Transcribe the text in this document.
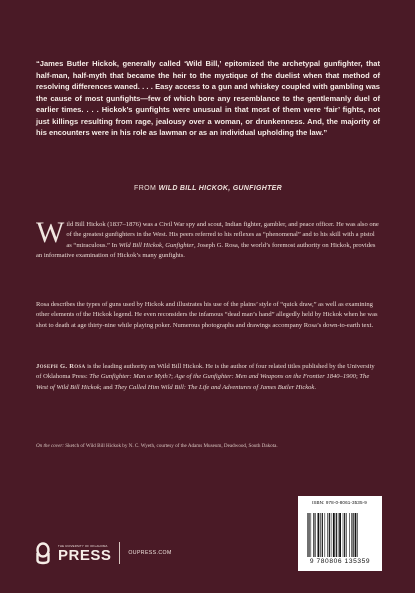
“James Butler Hickok, generally called ‘Wild Bill,’ epitomized the archetypal gunfighter, that half-man, half-myth that became the heir to the mystique of the duelist when that method of resolving differences waned. . . . Easy access to a gun and whiskey coupled with gambling was the cause of most gunfights—few of which bore any resemblance to the gentlemanly duel of earlier times. . . . Hickok’s gunfights were unusual in that most of them were ‘fair’ fights, not just killings resulting from rage, jealousy over a woman, or drunkenness. And, the majority of his encounters were in his role as lawman or as an individual upholding the law.”

FROM WILD BILL HICKOK, GUNFIGHTER

Wild Bill Hickok (1837–1876) was a Civil War spy and scout, Indian fighter, gambler, and peace officer. He was also one of the greatest gunfighters in the West. His peers referred to his reflexes as “phenomenal” and to his skill with a pistol as “miraculous.” In Wild Bill Hickok, Gunfighter, Joseph G. Rosa, the world’s foremost authority on Hickok, provides an informative examination of Hickok’s many gunfights.

Rosa describes the types of guns used by Hickok and illustrates his use of the plains’ style of “quick draw,” as well as examining other elements of the Hickok legend. He even reconsiders the infamous “dead man’s hand” allegedly held by Hickok when he was shot to death at age thirty-nine while playing poker. Numerous photographs and drawings accompany Rosa’s down-to-earth text.

Joseph G. Rosa is the leading authority on Wild Bill Hickok. He is the author of four related titles published by the University of Oklahoma Press: The Gunfighter: Man or Myth?; Age of the Gunfighter: Men and Weapons on the Frontier 1840–1900; The West of Wild Bill Hickok; and They Called Him Wild Bill: The Life and Adventures of James Butler Hickok.

On the cover: Sketch of Wild Bill Hickok by N. C. Wyeth, courtesy of the Adams Museum, Deadwood, South Dakota.

THE UNIVERSITY OF OKLAHOMA
PRESS	OUPRESS.COM
ISBN: 978-0-8061-3535-9
9 780806 135359
